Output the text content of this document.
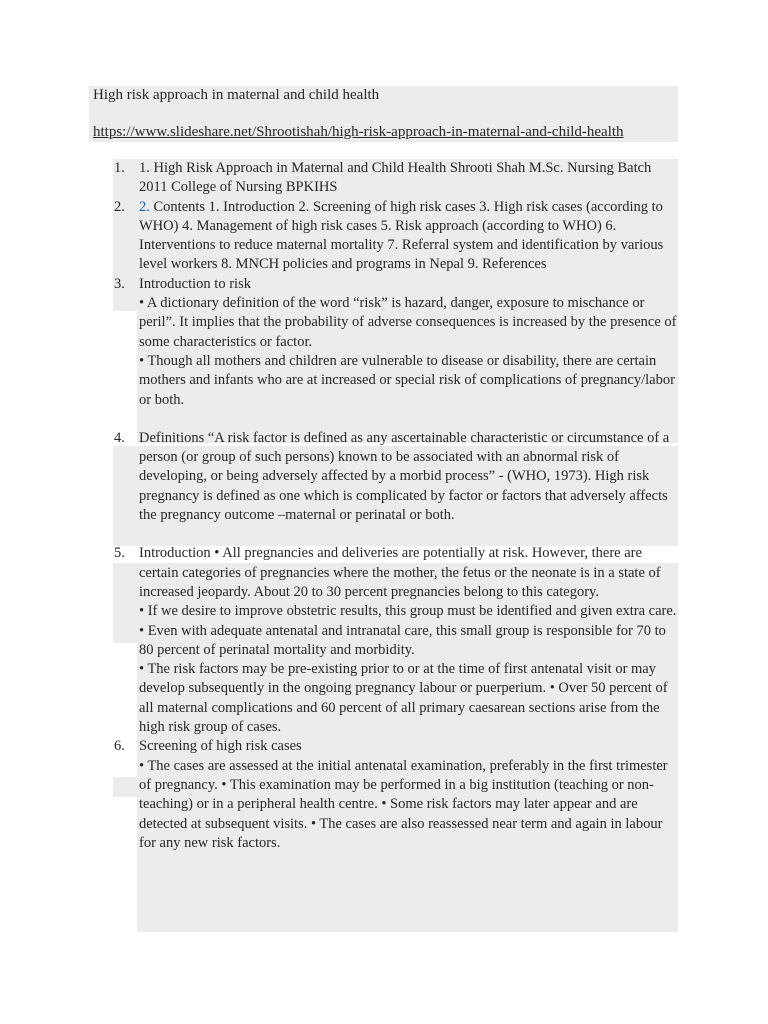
High risk approach in maternal and child health
https://www.slideshare.net/Shrootishah/high-risk-approach-in-maternal-and-child-health
1. 1. High Risk Approach in Maternal and Child Health Shrooti Shah M.Sc. Nursing Batch 2011 College of Nursing BPKIHS
2. 2. Contents 1. Introduction 2. Screening of high risk cases 3. High risk cases (according to WHO) 4. Management of high risk cases 5. Risk approach (according to WHO) 6. Interventions to reduce maternal mortality 7. Referral system and identification by various level workers 8. MNCH policies and programs in Nepal 9. References
3. Introduction to risk
• A dictionary definition of the word “risk” is hazard, danger, exposure to mischance or peril”. It implies that the probability of adverse consequences is increased by the presence of some characteristics or factor.
• Though all mothers and children are vulnerable to disease or disability, there are certain mothers and infants who are at increased or special risk of complications of pregnancy/labor or both.
4. Definitions “A risk factor is defined as any ascertainable characteristic or circumstance of a person (or group of such persons) known to be associated with an abnormal risk of developing, or being adversely affected by a morbid process” - (WHO, 1973). High risk pregnancy is defined as one which is complicated by factor or factors that adversely affects the pregnancy outcome –maternal or perinatal or both.
5. Introduction • All pregnancies and deliveries are potentially at risk. However, there are certain categories of pregnancies where the mother, the fetus or the neonate is in a state of increased jeopardy. About 20 to 30 percent pregnancies belong to this category.
• If we desire to improve obstetric results, this group must be identified and given extra care. • Even with adequate antenatal and intranatal care, this small group is responsible for 70 to 80 percent of perinatal mortality and morbidity.
• The risk factors may be pre-existing prior to or at the time of first antenatal visit or may develop subsequently in the ongoing pregnancy labour or puerperium. • Over 50 percent of all maternal complications and 60 percent of all primary caesarean sections arise from the high risk group of cases.
6. Screening of high risk cases
• The cases are assessed at the initial antenatal examination, preferably in the first trimester of pregnancy. • This examination may be performed in a big institution (teaching or non-teaching) or in a peripheral health centre. • Some risk factors may later appear and are detected at subsequent visits. • The cases are also reassessed near term and again in labour for any new risk factors.
